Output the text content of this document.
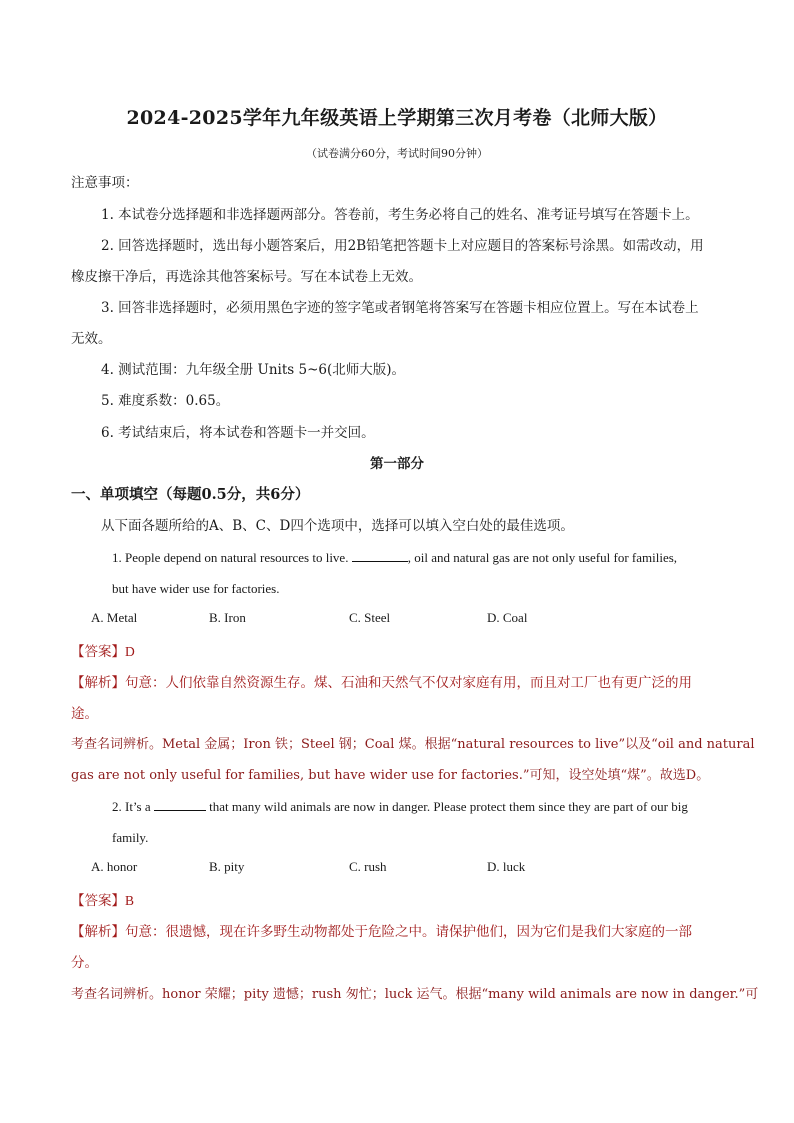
2024-2025学年九年级英语上学期第三次月考卷（北师大版）
（试卷满分60分，考试时间90分钟）
注意事项：
1. 本试卷分选择题和非选择题两部分。答卷前，考生务必将自己的姓名、准考证号填写在答题卡上。
2. 回答选择题时，选出每小题答案后，用2B铅笔把答题卡上对应题目的答案标号涂黑。如需改动，用
橡皮擦干净后，再选涂其他答案标号。写在本试卷上无效。
3. 回答非选择题时，必须用黑色字迹的签字笔或者钢笔将答案写在答题卡相应位置上。写在本试卷上
无效。
4. 测试范围：九年级全册 Units 5~6(北师大版)。
5. 难度系数：0.65。
6. 考试结束后，将本试卷和答题卡一并交回。
第一部分
一、单项填空（每题0.5分，共6分）
从下面各题所给的A、B、C、D四个选项中，选择可以填入空白处的最佳选项。
1. People depend on natural resources to live.	, oil and natural gas are not only useful for families,
but have wider use for factories.
A. Metal	B. Iron	C. Steel	D. Coal
【答案】D
【解析】句意：人们依靠自然资源生存。煤、石油和天然气不仅对家庭有用，而且对工厂也有更广泛的用
途。
考查名词辨析。Metal 金属；Iron 铁；Steel 钢；Coal 煤。根据“natural resources to live”以及“oil and natural
gas are not only useful for families, but have wider use for factories.”可知，设空处填“煤”。故选D。
2. It’s a	that many wild animals are now in danger. Please protect them since they are part of our big
family.
A. honor	B. pity	C. rush	D. luck
【答案】B
【解析】句意：很遗憾，现在许多野生动物都处于危险之中。请保护他们，因为它们是我们大家庭的一部
分。
考查名词辨析。honor 荣耀；pity 遗憾；rush 匆忙；luck 运气。根据“many wild animals are now in danger.”可
